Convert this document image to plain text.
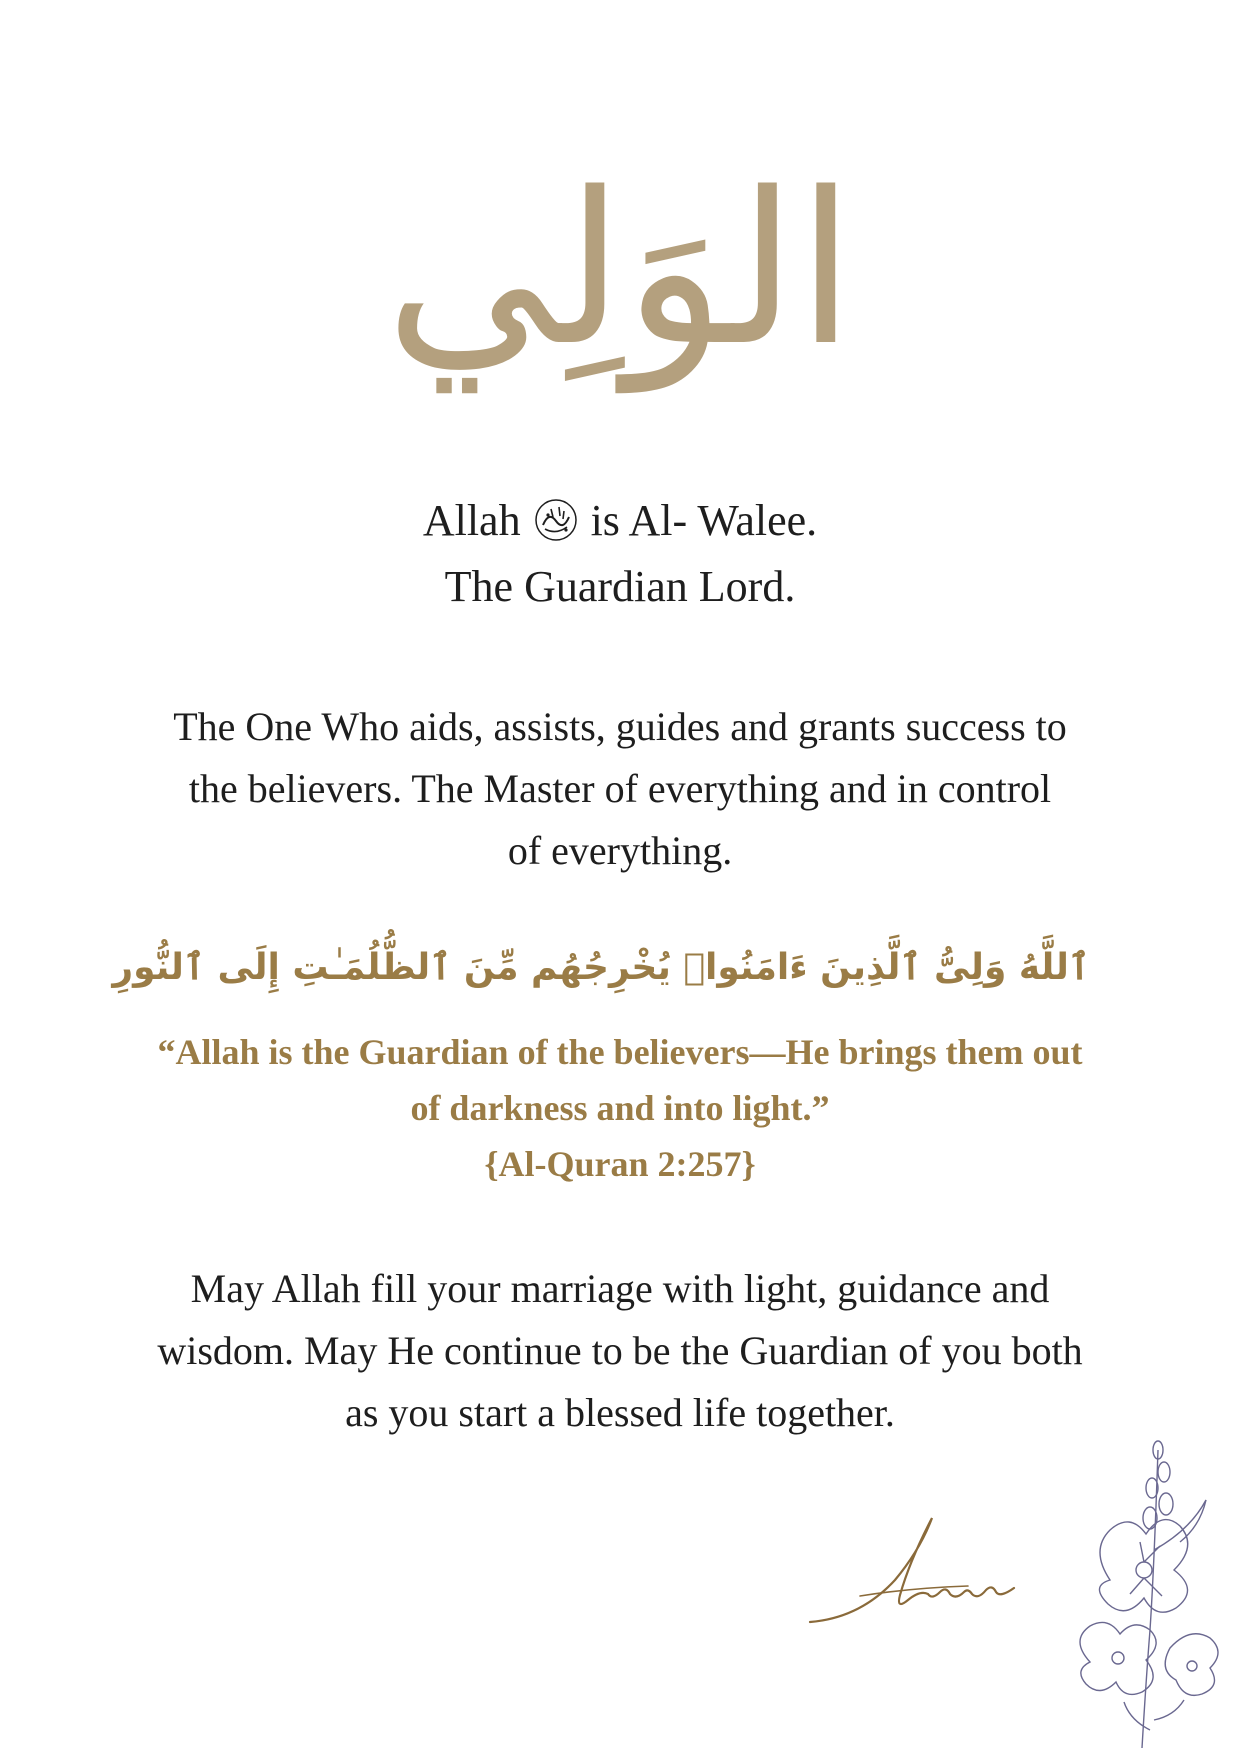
الوَلِي
Allah is Al- Walee.
The Guardian Lord.
The One Who aids, assists, guides and grants success to the believers. The Master of everything and in control of everything.
ٱللَّهُ وَلِىُّ ٱلَّذِينَ ءَامَنُوا۟ يُخْرِجُهُم مِّنَ ٱلظُّلُمَـٰتِ إِلَى ٱلنُّورِ
“Allah is the Guardian of the believers—He brings them out of darkness and into light.”
{Al-Quran 2:257}
May Allah fill your marriage with light, guidance and wisdom. May He continue to be the Guardian of you both as you start a blessed life together.
